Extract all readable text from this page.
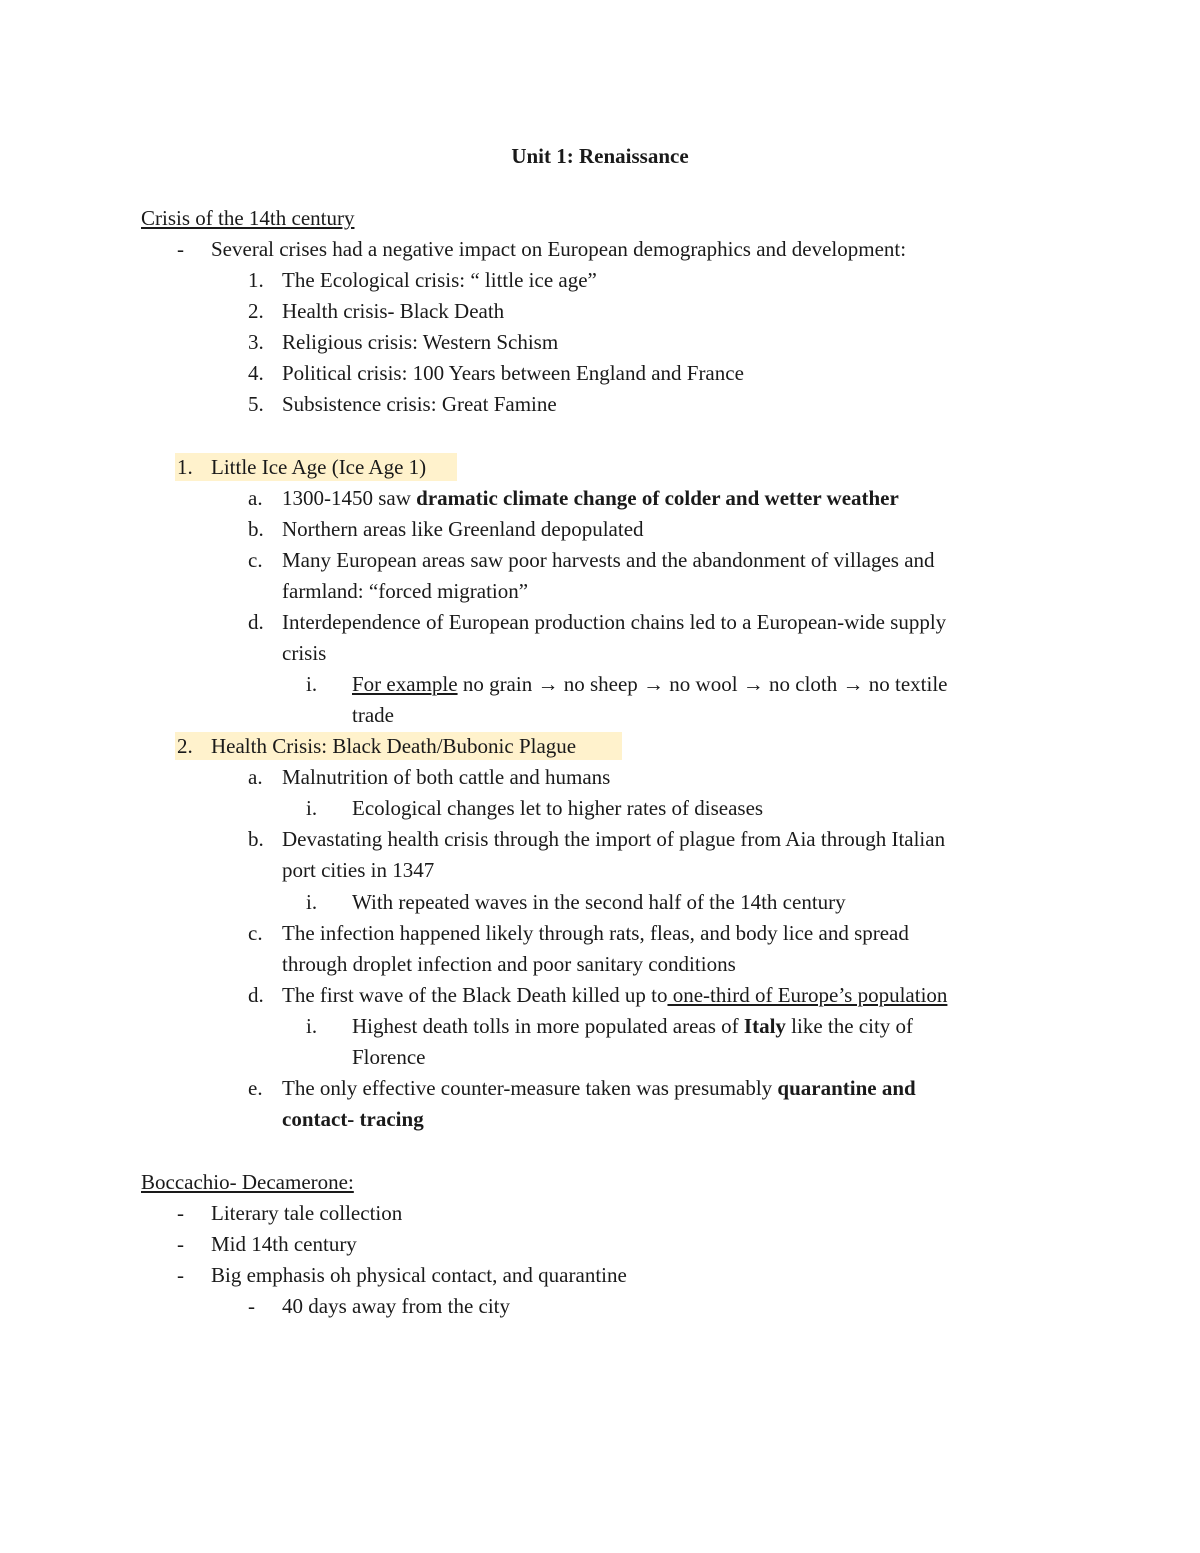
Unit 1: Renaissance
Crisis of the 14th century
- Several crises had a negative impact on European demographics and development:
1. The Ecological crisis: “ little ice age”
2. Health crisis- Black Death
3. Religious crisis: Western Schism
4. Political crisis: 100 Years between England and France
5. Subsistence crisis: Great Famine
1. Little Ice Age (Ice Age 1)
a. 1300-1450 saw dramatic climate change of colder and wetter weather
b. Northern areas like Greenland depopulated
c. Many European areas saw poor harvests and the abandonment of villages and
farmland: “forced migration”
d. Interdependence of European production chains led to a European-wide supply
crisis
i. For example no grain → no sheep → no wool → no cloth → no textile
trade
2. Health Crisis: Black Death/Bubonic Plague
a. Malnutrition of both cattle and humans
i. Ecological changes let to higher rates of diseases
b. Devastating health crisis through the import of plague from Aia through Italian
port cities in 1347
i. With repeated waves in the second half of the 14th century
c. The infection happened likely through rats, fleas, and body lice and spread
through droplet infection and poor sanitary conditions
d. The first wave of the Black Death killed up to one-third of Europe’s population
i. Highest death tolls in more populated areas of Italy like the city of
Florence
e. The only effective counter-measure taken was presumably quarantine and
contact- tracing
Boccachio- Decamerone:
- Literary tale collection
- Mid 14th century
- Big emphasis oh physical contact, and quarantine
- 40 days away from the city
